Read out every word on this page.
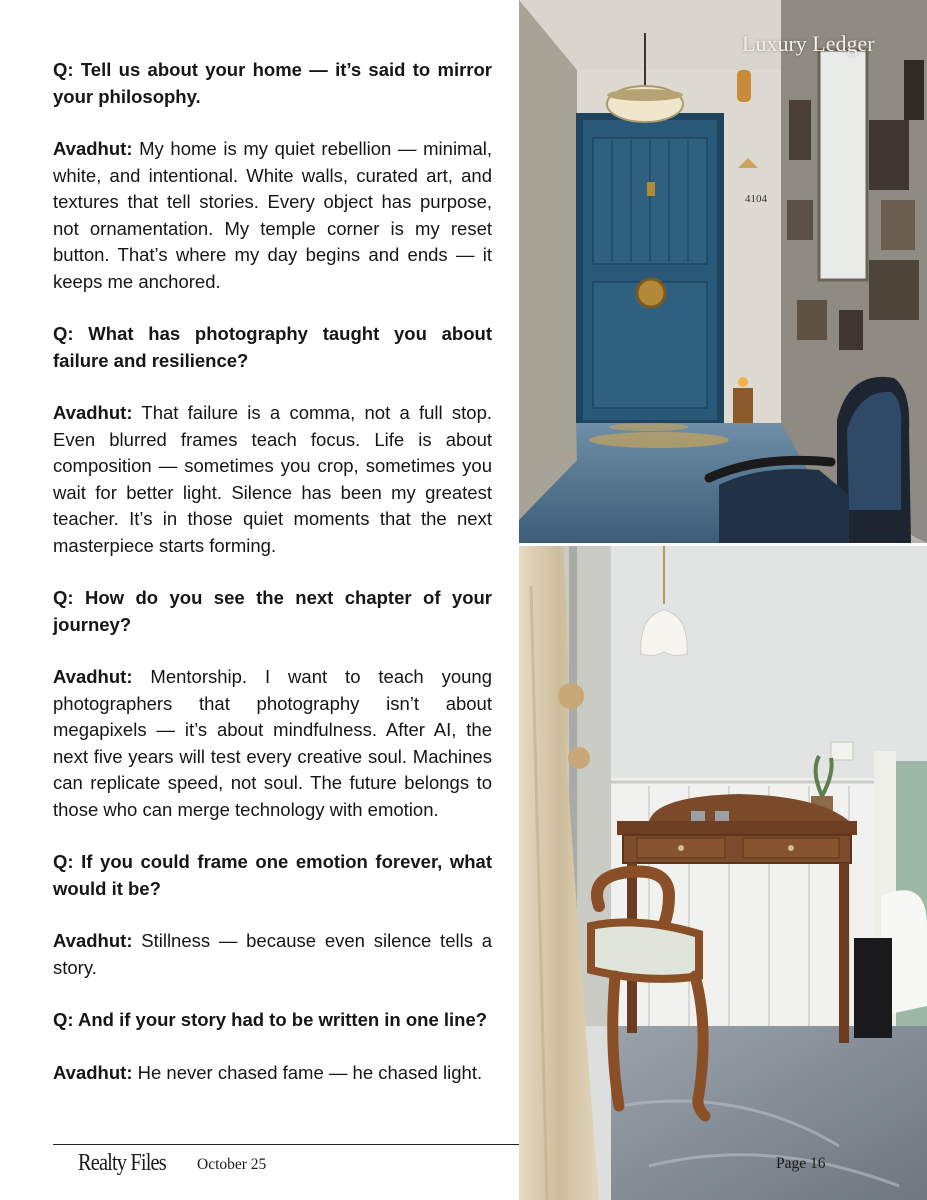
Q: Tell us about your home — it’s said to mirror your philosophy.

Avadhut: My home is my quiet rebellion — minimal, white, and intentional. White walls, curated art, and textures that tell stories. Every object has purpose, not ornamentation. My temple corner is my reset button. That’s where my day begins and ends — it keeps me anchored.

Q: What has photography taught you about failure and resilience?

Avadhut: That failure is a comma, not a full stop. Even blurred frames teach focus. Life is about composition — sometimes you crop, sometimes you wait for better light. Silence has been my greatest teacher. It’s in those quiet moments that the next masterpiece starts forming.

Q: How do you see the next chapter of your journey?

Avadhut: Mentorship. I want to teach young photographers that photography isn’t about megapixels — it’s about mindfulness. After AI, the next five years will test every creative soul. Machines can replicate speed, not soul. The future belongs to those who can merge technology with emotion.

Q: If you could frame one emotion forever, what would it be?

Avadhut: Stillness — because even silence tells a story.

Q: And if your story had to be written in one line?

Avadhut: He never chased fame — he chased light.

4104
Luxury Ledger
Realty Files October 25	Page 16
